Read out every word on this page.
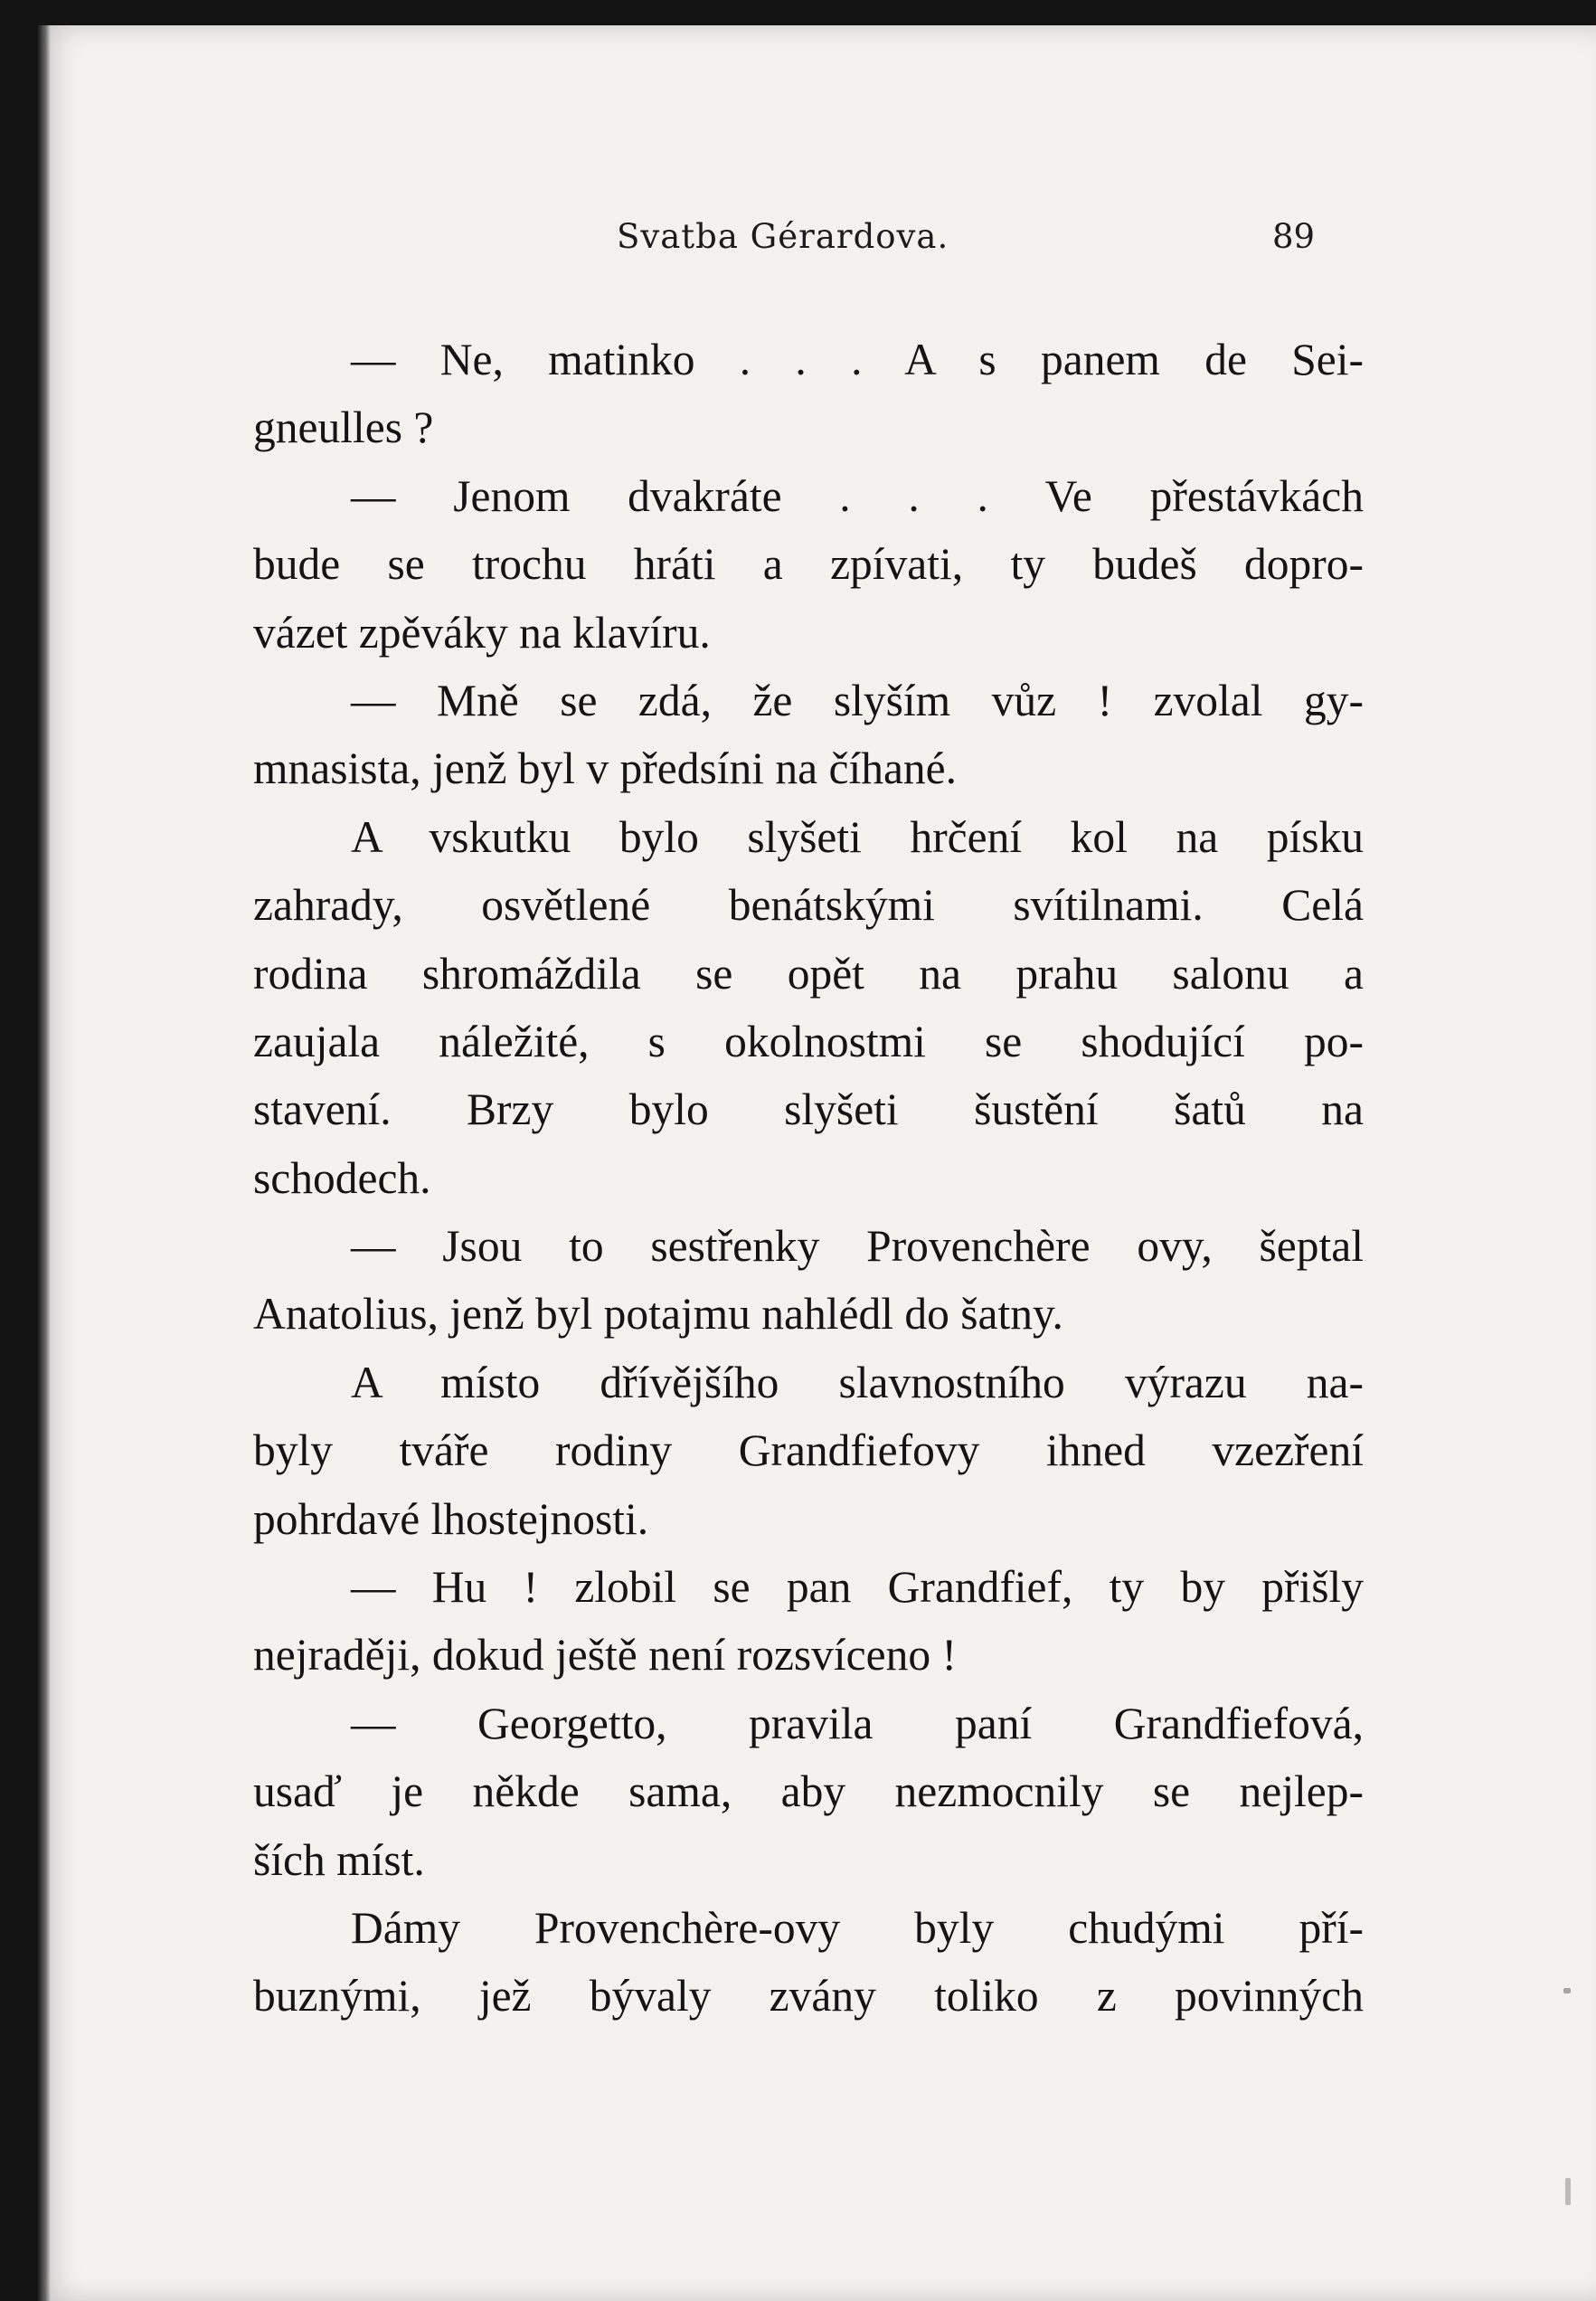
Svatba Gérardova.	89
— Ne, matinko . . . A s panem de Sei-
gneulles ?
— Jenom dvakráte . . . Ve přestávkách
bude se trochu hráti a zpívati, ty budeš dopro-
vázet zpěváky na klavíru.
— Mně se zdá, že slyším vůz ! zvolal gy-
mnasista, jenž byl v předsíni na číhané.
A vskutku bylo slyšeti hrčení kol na písku
zahrady, osvětlené benátskými svítilnami. Celá
rodina shromáždila se opět na prahu salonu a
zaujala náležité, s okolnostmi se shodující po-
stavení. Brzy bylo slyšeti šustění šatů na
schodech.
— Jsou to sestřenky Provenchère ovy, šeptal
Anatolius, jenž byl potajmu nahlédl do šatny.
A místo dřívějšího slavnostního výrazu na-
byly tváře rodiny Grandfiefovy ihned vzezření
pohrdavé lhostejnosti.
— Hu ! zlobil se pan Grandfief, ty by přišly
nejraději, dokud ještě není rozsvíceno !
— Georgetto, pravila paní Grandfiefová,
usaď je někde sama, aby nezmocnily se nejlep-
ších míst.
Dámy Provenchère-ovy byly chudými pří-
buznými, jež bývaly zvány toliko z povinných
